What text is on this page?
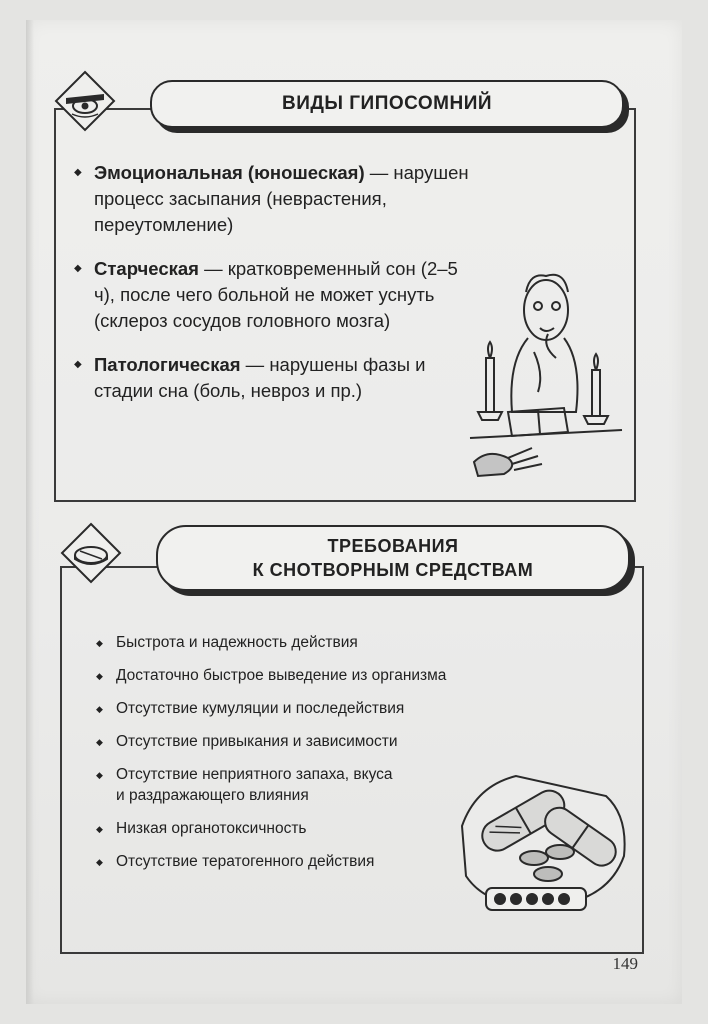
ВИДЫ ГИПОСОМНИЙ
◆ Эмоциональная (юношеская) — нарушен процесс засыпания (неврастения, переутомление)
◆ Старческая — кратковременный сон (2–5 ч), после чего больной не может уснуть (склероз сосудов головного мозга)
◆ Патологическая — нарушены фазы и стадии сна (боль, невроз и пр.)
ТРЕБОВАНИЯ
К СНОТВОРНЫМ СРЕДСТВАМ
◆ Быстрота и надежность действия
◆ Достаточно быстрое выведение из организма
◆ Отсутствие кумуляции и последействия
◆ Отсутствие привыкания и зависимости
◆ Отсутствие неприятного запаха, вкуса и раздражающего влияния
◆ Низкая органотоксичность
◆ Отсутствие тератогенного действия
149
